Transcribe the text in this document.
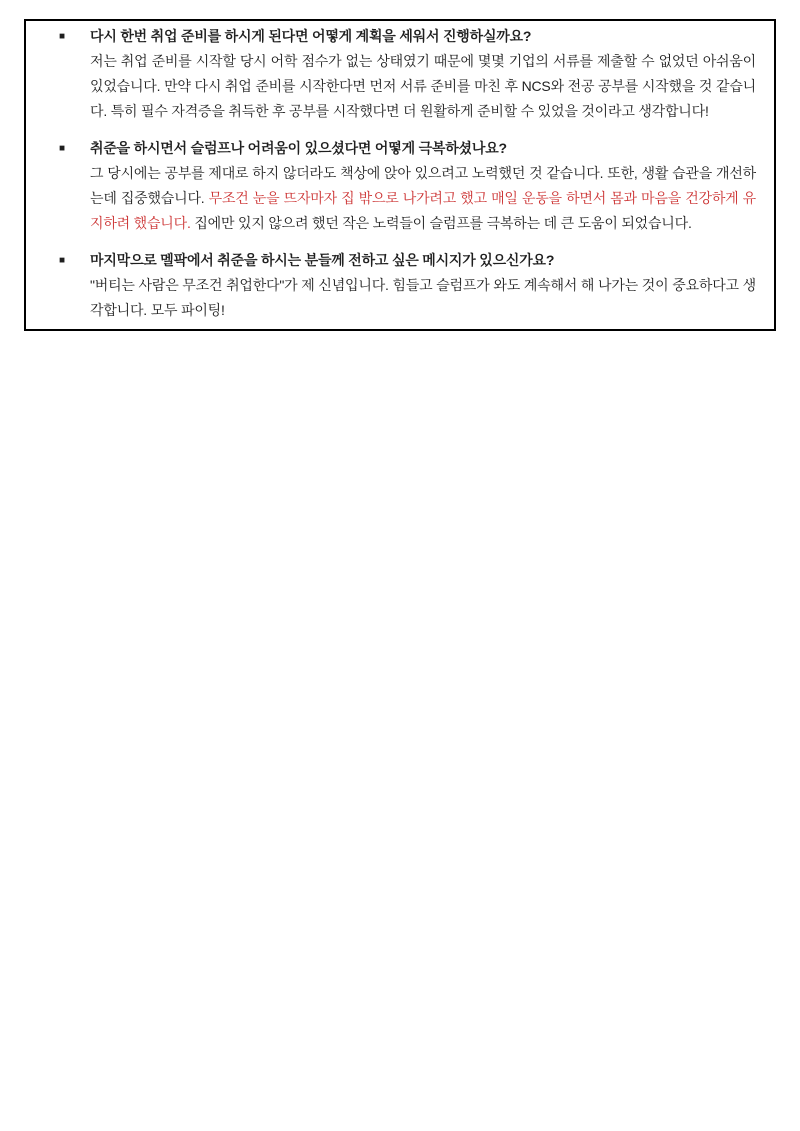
■	다시 한번 취업 준비를 하시게 된다면 어떻게 계획을 세워서 진행하실까요?

저는 취업 준비를 시작할 당시 어학 점수가 없는 상태였기 때문에 몇몇 기업의 서류를 제출할 수 없었던 아쉬움이 있었습니다. 만약 다시 취업 준비를 시작한다면 먼저 서류 준비를 마친 후 NCS와 전공 공부를 시작했을 것 같습니다. 특히 필수 자격증을 취득한 후 공부를 시작했다면 더 원활하게 준비할 수 있었을 것이라고 생각합니다!

■	취준을 하시면서 슬럼프나 어려움이 있으셨다면 어떻게 극복하셨나요?

그 당시에는 공부를 제대로 하지 않더라도 책상에 앉아 있으려고 노력했던 것 같습니다. 또한, 생활 습관을 개선하는데 집중했습니다. 무조건 눈을 뜨자마자 집 밖으로 나가려고 했고 매일 운동을 하면서 몸과 마음을 건강하게 유지하려 했습니다. 집에만 있지 않으려 했던 작은 노력들이 슬럼프를 극복하는 데 큰 도움이 되었습니다.

■	마지막으로 멜팍에서 취준을 하시는 분들께 전하고 싶은 메시지가 있으신가요?

"버티는 사람은 무조건 취업한다"가 제 신념입니다. 힘들고 슬럼프가 와도 계속해서 해 나가는 것이 중요하다고 생각합니다. 모두 파이팅!
